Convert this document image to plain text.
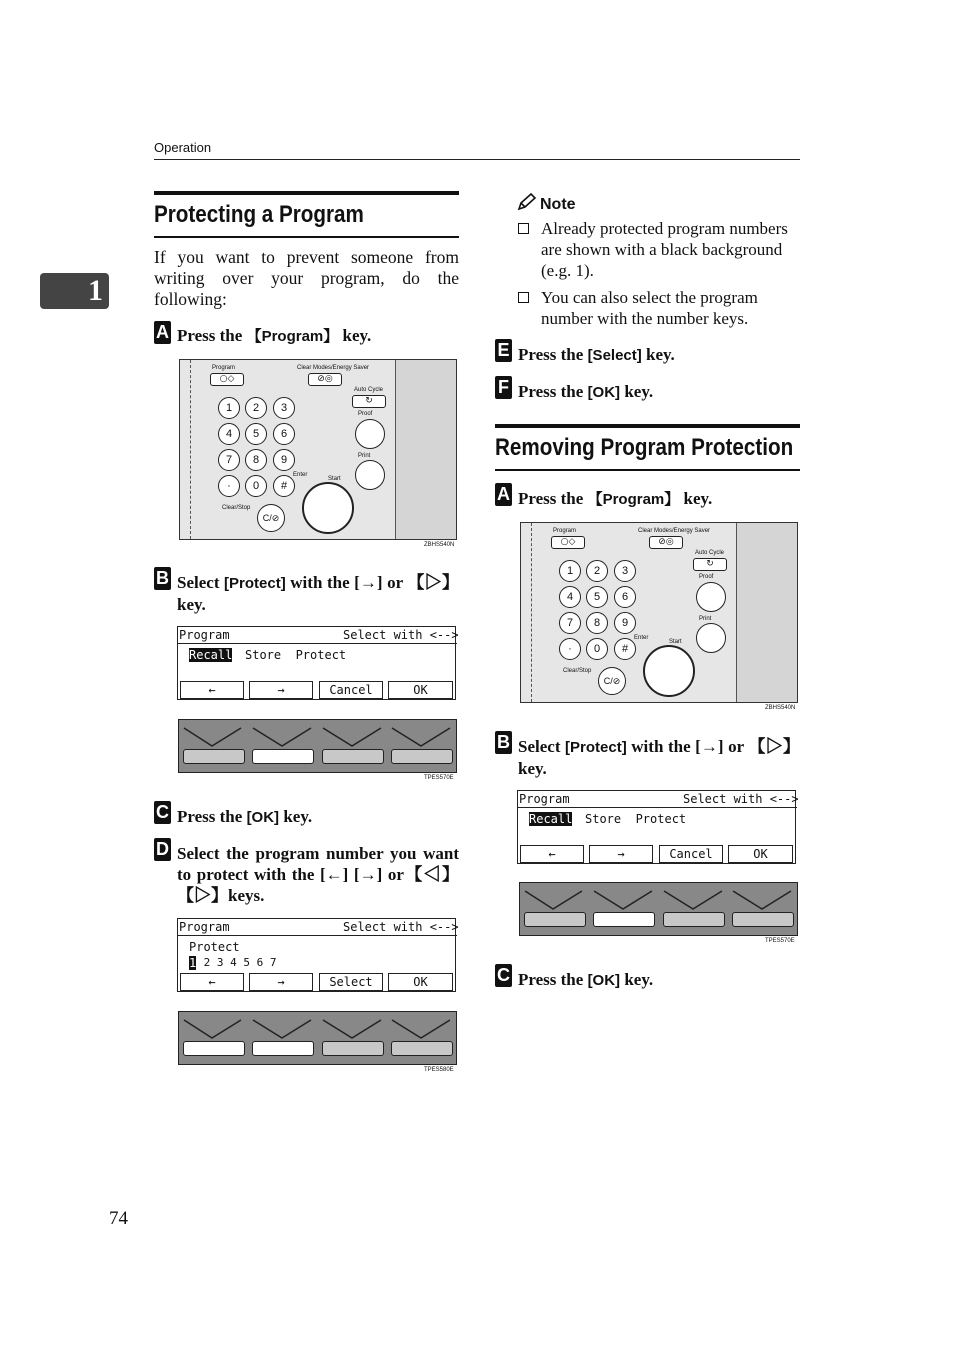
Operation
1
Protecting a Program
If you want to prevent someone from writing over your program, do the following:
A Press the 【Program】 key.
Program
○◇
Clear Modes/Energy Saver
⊘◎
Auto Cycle
↻
Proof
Print
1	2	3
4	5	6
7	8	9
·	0	#
Enter
Start
Clear/Stop
C/⊘
ZBHS540N
B Select [Protect] with the [→] or 【▷】key.
Program	Select with <-->
Recall Store  Protect
←	→	Cancel	OK
TPES570E
C Press the [OK] key.
D Select the program number you want to protect with the [←] [→] or【◁】【▷】keys.
Program	Select with <-->
Protect
1 2 3 4 5 6 7
←	→	Select	OK
TPES580E
Note
Already protected program numbers are shown with a black background (e.g. 1).
You can also select the program number with the number keys.
E Press the [Select] key.
F Press the [OK] key.
Removing Program Protection
A Press the 【Program】 key.
Program
○◇
Clear Modes/Energy Saver
⊘◎
Auto Cycle
↻
Proof
Print
1	2	3
4	5	6
7	8	9
·	0	#
Enter
Start
Clear/Stop
C/⊘
ZBHS540N
B Select [Protect] with the [→] or 【▷】key.
Program	Select with <-->
Recall Store  Protect
←	→	Cancel	OK
TPES570E
C Press the [OK] key.
74
